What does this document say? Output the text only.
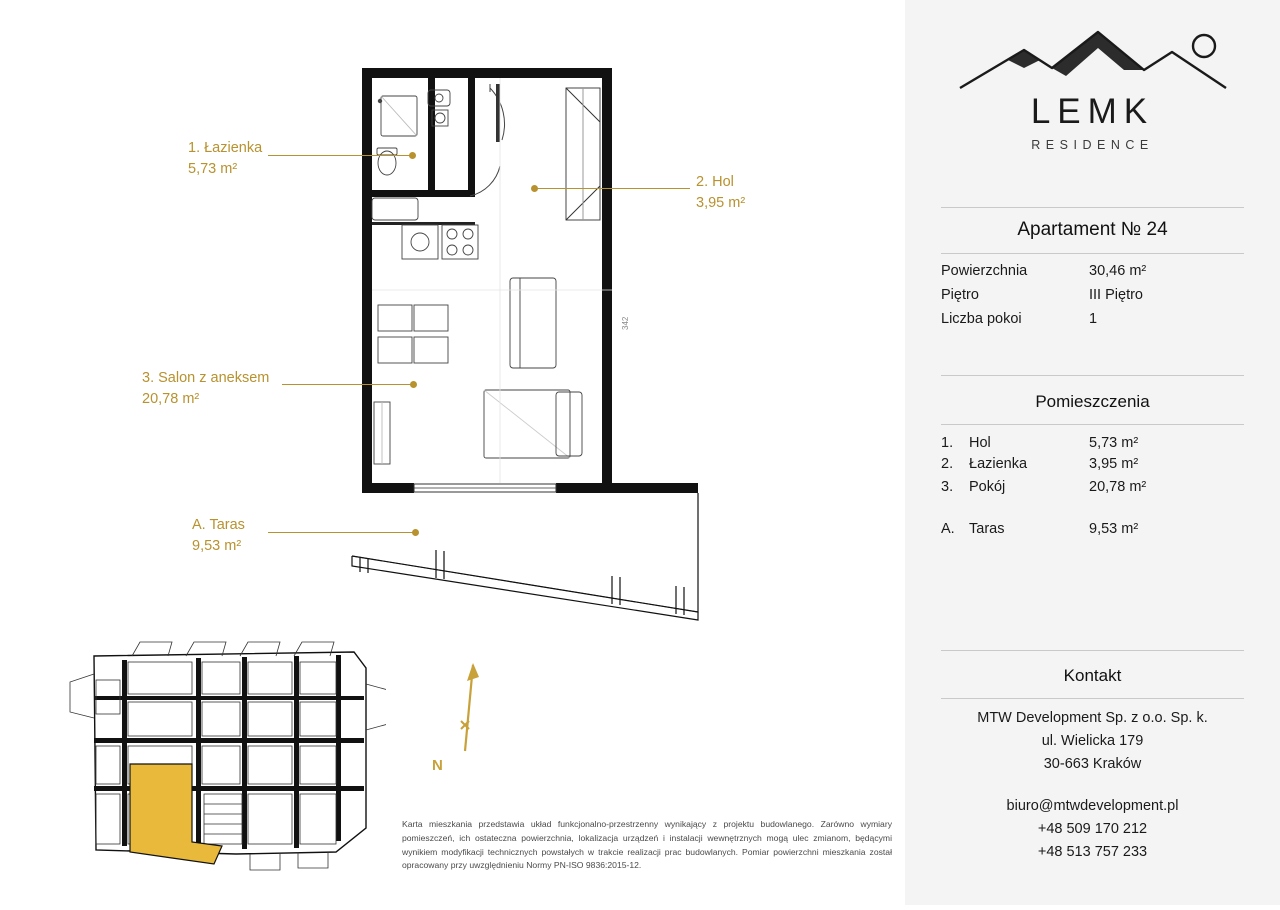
342
1. Łazienka
5,73 m²
2. Hol
3,95 m²
3. Salon z aneksem
20,78 m²
A. Taras
9,53 m²
N
Karta mieszkania przedstawia układ funkcjonalno-przestrzenny wynikający z projektu budowlanego. Zarówno wymiary pomieszczeń, ich ostateczna powierzchnia, lokalizacja urządzeń i instalacji wewnętrznych mogą ulec zmianom, będącymi wynikiem modyfikacji technicznych powstałych w trakcie realizacji prac budowlanych. Pomiar powierzchni mieszkania został opracowany przy uwzględnieniu Normy PN-ISO 9836:2015-12.
LEMK
RESIDENCE
Apartament № 24
Powierzchnia	30,46 m²
Piętro	III Piętro
Liczba pokoi	1
Pomieszczenia
1.	Hol	5,73 m²
2.	Łazienka	3,95 m²
3.	Pokój	20,78 m²
A. Taras	9,53 m²
Kontakt
MTW Development Sp. z o.o. Sp. k.
ul. Wielicka 179
30-663 Kraków
biuro@mtwdevelopment.pl
+48 509 170 212
+48 513 757 233
